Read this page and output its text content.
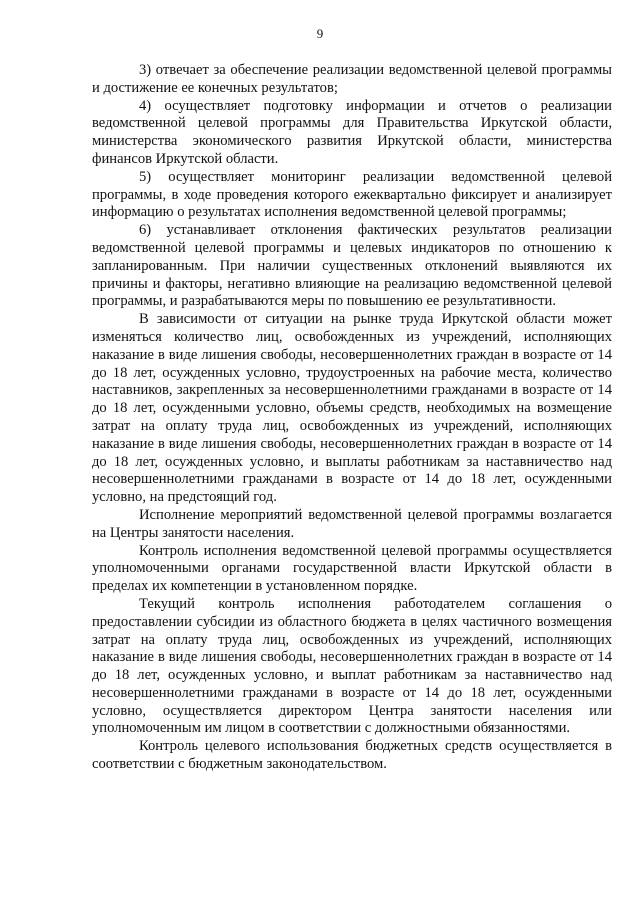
9

3) отвечает за обеспечение реализации ведомственной целевой программы и достижение ее конечных результатов;

4) осуществляет подготовку информации и отчетов о реализации ведомственной целевой программы для Правительства Иркутской области, министерства экономического развития Иркутской области, министерства финансов Иркутской области.

5) осуществляет мониторинг реализации ведомственной целевой программы, в ходе проведения которого ежеквартально фиксирует и анализирует информацию о результатах исполнения ведомственной целевой программы;

6) устанавливает отклонения фактических результатов реализации ведомственной целевой программы и целевых индикаторов по отношению к запланированным. При наличии существенных отклонений выявляются их причины и факторы, негативно влияющие на реализацию ведомственной целевой программы, и разрабатываются меры по повышению ее результативности.

В зависимости от ситуации на рынке труда Иркутской области может изменяться количество лиц, освобожденных из учреждений, исполняющих наказание в виде лишения свободы, несовершеннолетних граждан в возрасте от 14 до 18 лет, осужденных условно, трудоустроенных на рабочие места, количество наставников, закрепленных за несовершеннолетними гражданами в возрасте от 14 до 18 лет, осужденными условно, объемы средств, необходимых на возмещение затрат на оплату труда лиц, освобожденных из учреждений, исполняющих наказание в виде лишения свободы, несовершеннолетних граждан в возрасте от 14 до 18 лет, осужденных условно, и выплаты работникам за наставничество над несовершеннолетними гражданами в возрасте от 14 до 18 лет, осужденными условно, на предстоящий год.

Исполнение мероприятий ведомственной целевой программы возлагается на Центры занятости населения.

Контроль исполнения ведомственной целевой программы осуществляется уполномоченными органами государственной власти Иркутской области в пределах их компетенции в установленном порядке.

Текущий контроль исполнения работодателем соглашения о предоставлении субсидии из областного бюджета в целях частичного возмещения затрат на оплату труда лиц, освобожденных из учреждений, исполняющих наказание в виде лишения свободы, несовершеннолетних граждан в возрасте от 14 до 18 лет, осужденных условно, и выплат работникам за наставничество над несовершеннолетними гражданами в возрасте от 14 до 18 лет, осужденными условно, осуществляется директором Центра занятости населения или уполномоченным им лицом в соответствии с должностными обязанностями.

Контроль целевого использования бюджетных средств осуществляется в соответствии с бюджетным законодательством.
